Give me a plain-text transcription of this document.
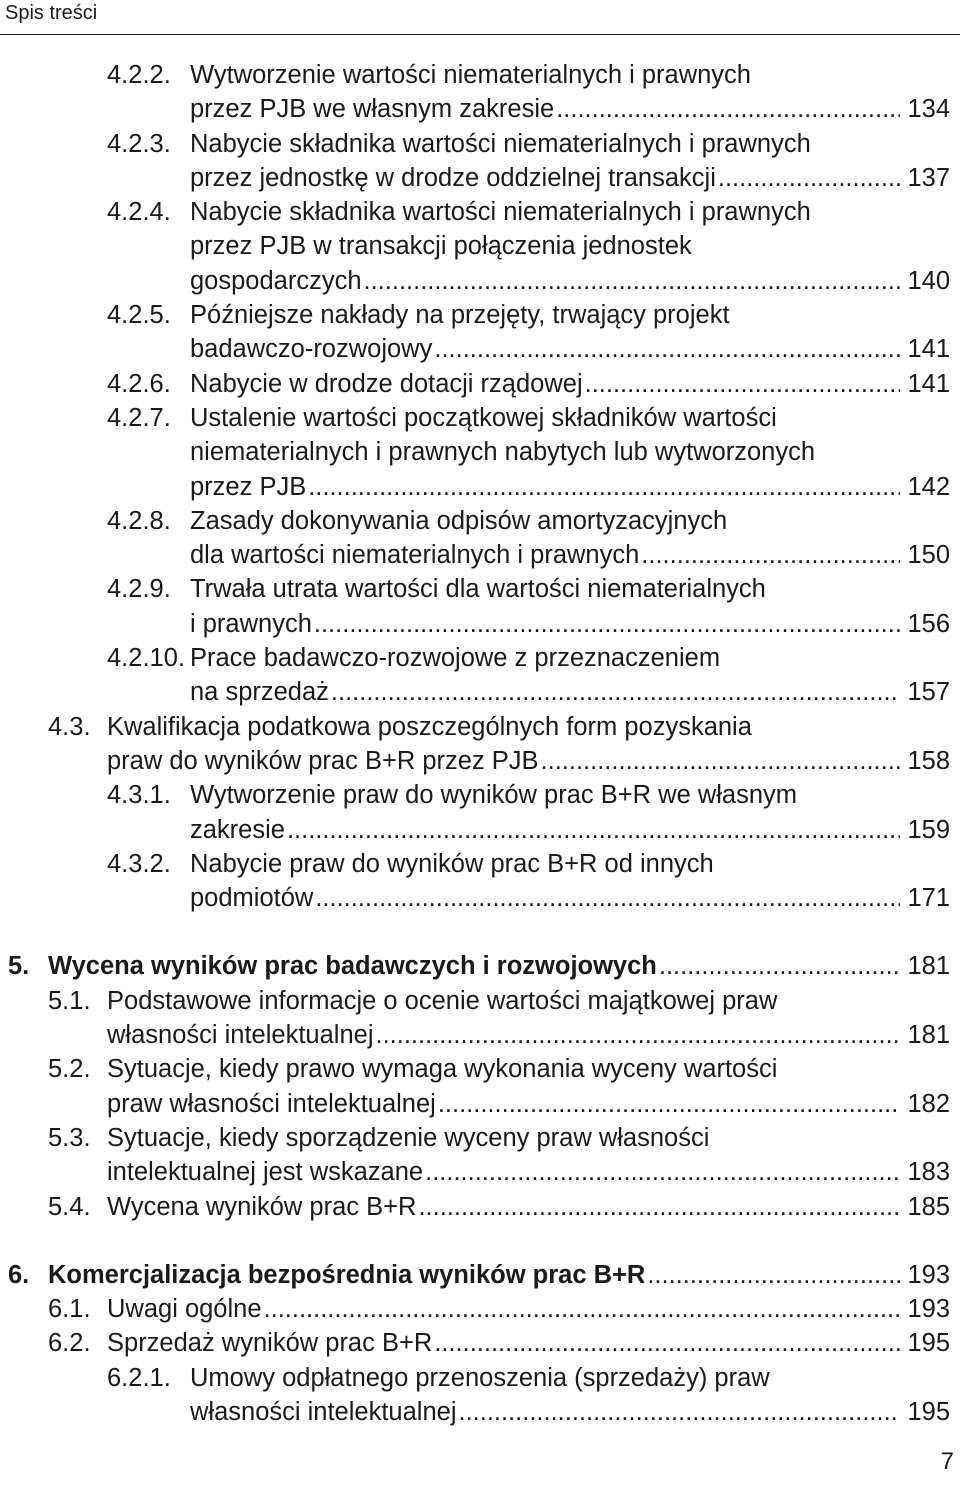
Spis treści
4.2.2. Wytworzenie wartości niematerialnych i prawnych
przez PJB we własnym zakresie .....	134
4.2.3. Nabycie składnika wartości niematerialnych i prawnych
przez jednostkę w drodze oddzielnej transakcji .....	137
4.2.4. Nabycie składnika wartości niematerialnych i prawnych
przez PJB w transakcji połączenia jednostek
gospodarczych .....	140
4.2.5. Późniejsze nakłady na przejęty, trwający projekt
badawczo-rozwojowy .....	141
4.2.6. Nabycie w drodze dotacji rządowej .....	141
4.2.7. Ustalenie wartości początkowej składników wartości
niematerialnych i prawnych nabytych lub wytworzonych
przez PJB .....	142
4.2.8. Zasady dokonywania odpisów amortyzacyjnych
dla wartości niematerialnych i prawnych .....	150
4.2.9. Trwała utrata wartości dla wartości niematerialnych
i prawnych .....	156
4.2.10. Prace badawczo-rozwojowe z przeznaczeniem
na sprzedaż .....	157
4.3. Kwalifikacja podatkowa poszczególnych form pozyskania
praw do wyników prac B+R przez PJB .....	158
4.3.1. Wytworzenie praw do wyników prac B+R we własnym
zakresie .....	159
4.3.2. Nabycie praw do wyników prac B+R od innych
podmiotów .....	171
5. Wycena wyników prac badawczych i rozwojowych .....	181
5.1. Podstawowe informacje o ocenie wartości majątkowej praw
własności intelektualnej .....	181
5.2. Sytuacje, kiedy prawo wymaga wykonania wyceny wartości
praw własności intelektualnej .....	182
5.3. Sytuacje, kiedy sporządzenie wyceny praw własności
intelektualnej jest wskazane .....	183
5.4. Wycena wyników prac B+R .....	185
6. Komercjalizacja bezpośrednia wyników prac B+R .....	193
6.1. Uwagi ogólne .....	193
6.2. Sprzedaż wyników prac B+R .....	195
6.2.1. Umowy odpłatnego przenoszenia (sprzedaży) praw
własności intelektualnej .....	195
7
